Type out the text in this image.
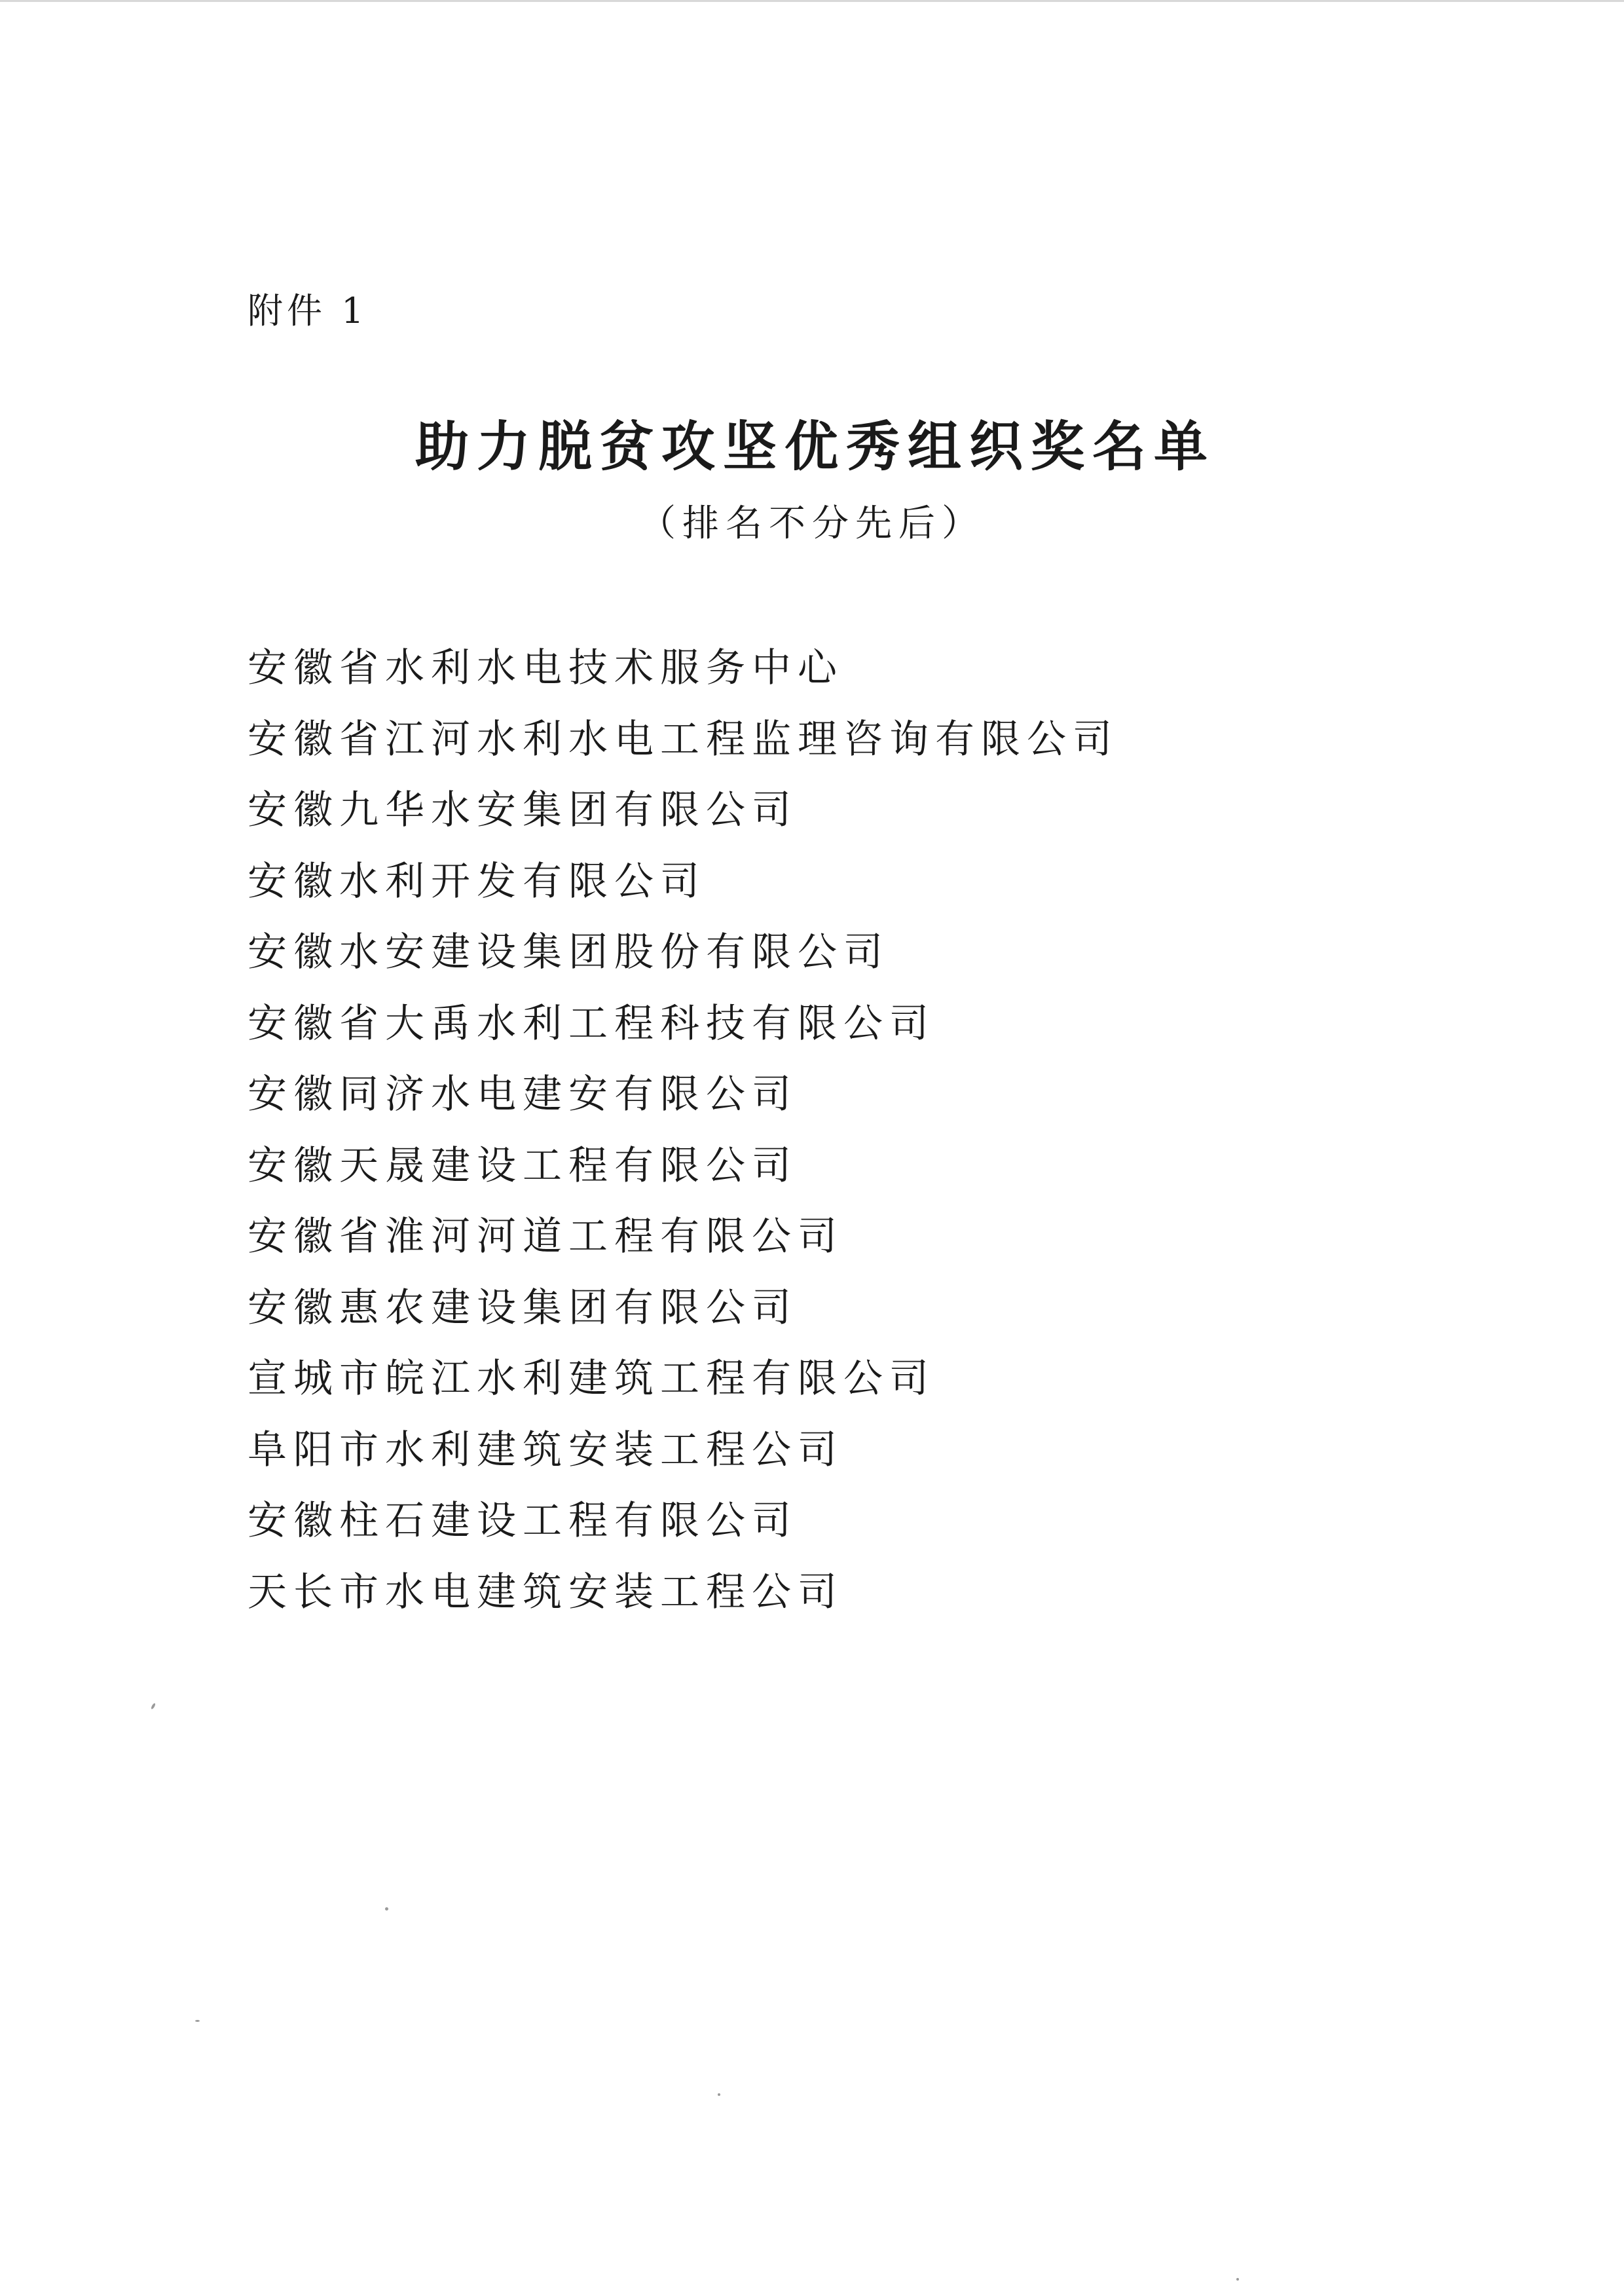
附件 1
助力脱贫攻坚优秀组织奖名单
（排名不分先后）
安徽省水利水电技术服务中心
安徽省江河水利水电工程监理咨询有限公司
安徽九华水安集团有限公司
安徽水利开发有限公司
安徽水安建设集团股份有限公司
安徽省大禹水利工程科技有限公司
安徽同济水电建安有限公司
安徽天晟建设工程有限公司
安徽省淮河河道工程有限公司
安徽惠农建设集团有限公司
宣城市皖江水利建筑工程有限公司
阜阳市水利建筑安装工程公司
安徽柱石建设工程有限公司
天长市水电建筑安装工程公司
